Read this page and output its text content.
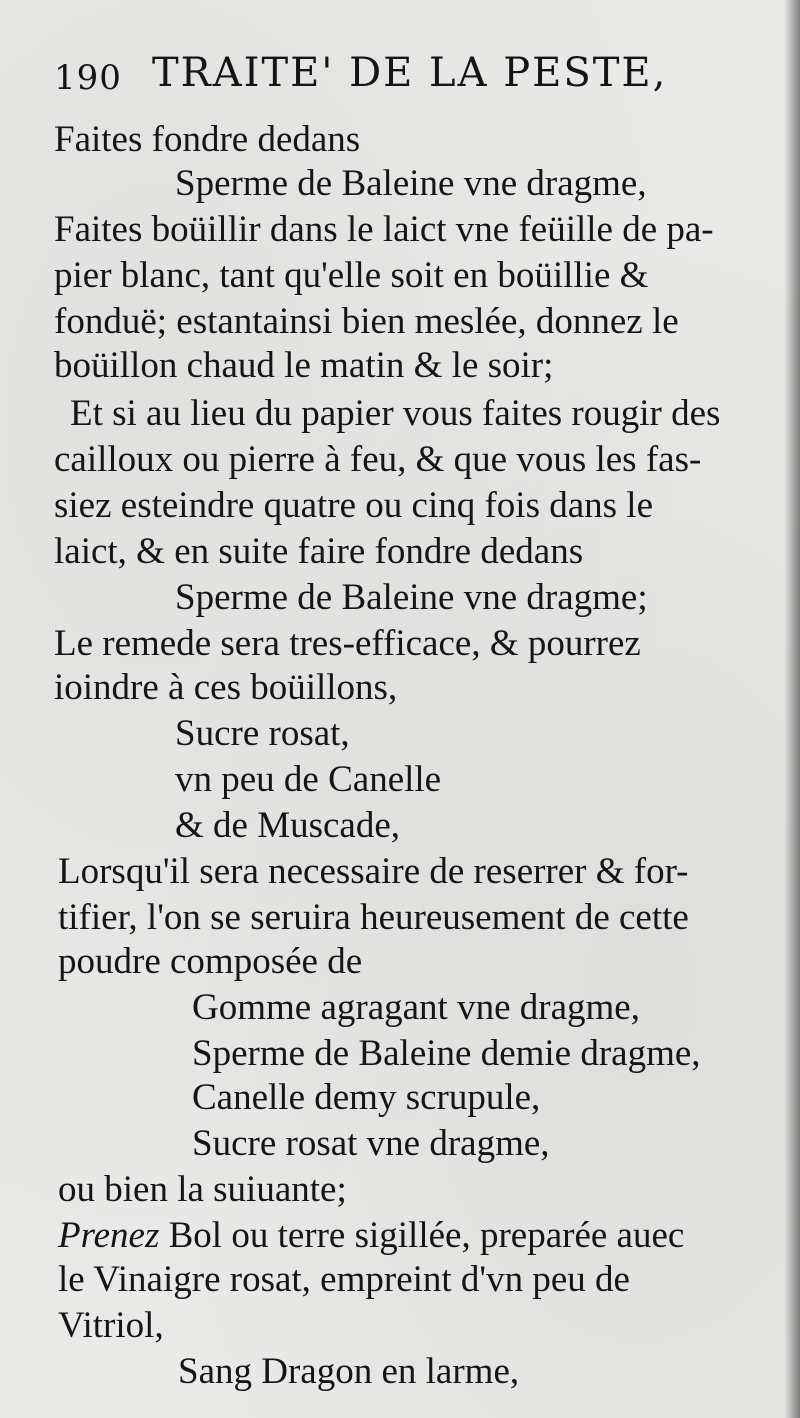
190 TRAITE' DE LA PESTE,
Faites fondre dedans
Sperme de Baleine vne dragme,
Faites boüillir dans le laict vne feüille de pa-
pier blanc, tant qu'elle soit en boüillie &
fonduë; estantainsi bien meslée, donnez le
boüillon chaud le matin & le soir;
Et si au lieu du papier vous faites rougir des
cailloux ou pierre à feu, & que vous les fas-
siez esteindre quatre ou cinq fois dans le
laict, & en suite faire fondre dedans
Sperme de Baleine vne dragme;
Le remede sera tres-efficace, & pourrez
ioindre à ces boüillons,
Sucre rosat,
vn peu de Canelle
& de Muscade,
Lorsqu'il sera necessaire de reserrer & for-
tifier, l'on se seruira heureusement de cette
poudre composée de
Gomme agragant vne dragme,
Sperme de Baleine demie dragme,
Canelle demy scrupule,
Sucre rosat vne dragme,
ou bien la suiuante;
Prenez Bol ou terre sigillée, preparée auec
le Vinaigre rosat, empreint d'vn peu de
Vitriol,
Sang Dragon en larme,
